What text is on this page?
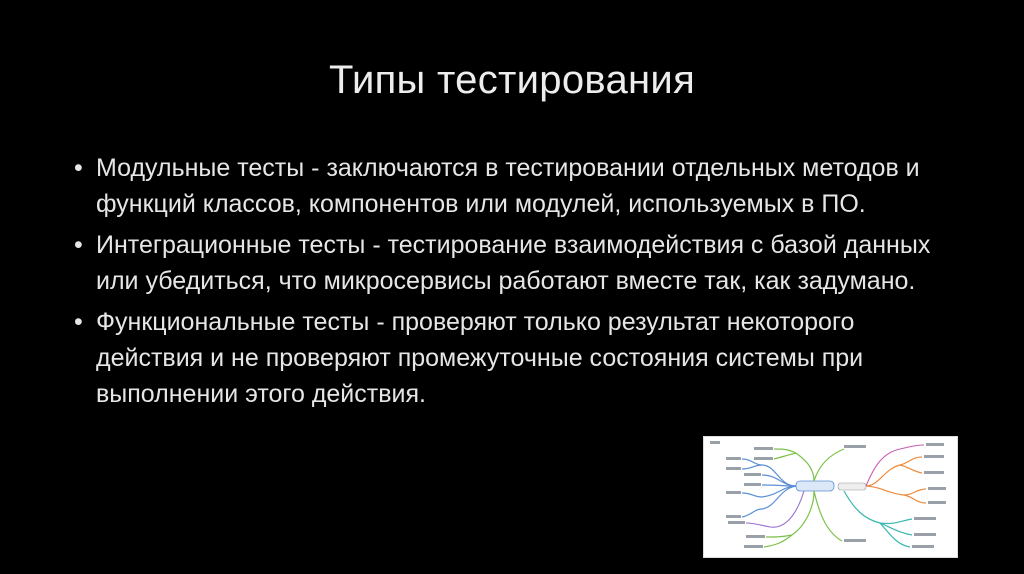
Типы тестирования
• Модульные тесты - заключаются в тестировании отдельных методов и функций классов, компонентов или модулей, используемых в ПО.
• Интеграционные тесты - тестирование взаимодействия с базой данных или убедиться, что микросервисы работают вместе так, как задумано.
• Функциональные тесты - проверяют только результат некоторого действия и не проверяют промежуточные состояния системы при выполнении этого действия.
